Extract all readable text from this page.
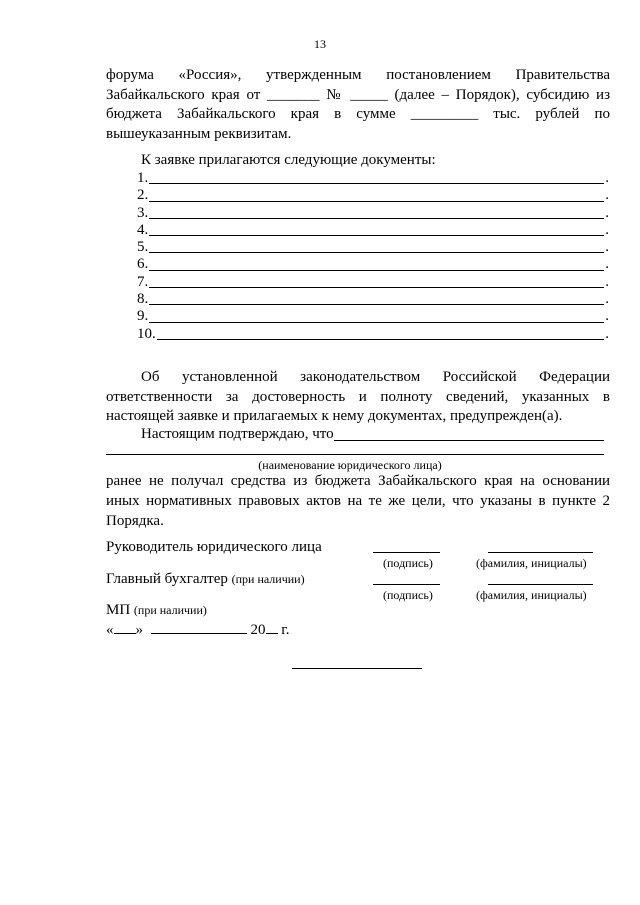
13
форума «Россия», утвержденным постановлением Правительства
Забайкальского края от _______ № _____ (далее – Порядок), субсидию из
бюджета Забайкальского края в сумме _________ тыс. рублей по
вышеуказанным реквизитам.
К заявке прилагаются следующие документы:
1.	.
2.	.
3.	.
4.	.
5.	.
6.	.
7.	.
8.	.
9.	.
10.	.
Об установленной законодательством Российской Федерации
ответственности за достоверность и полноту сведений, указанных в
настоящей заявке и прилагаемых к нему документах, предупрежден(а).
Настоящим подтверждаю, что
(наименование юридического лица)
ранее не получал средства из бюджета Забайкальского края на основании
иных нормативных правовых актов на те же цели, что указаны в пункте 2
Порядка.
Руководитель юридического лица
(подпись)	(фамилия, инициалы)
Главный бухгалтер (при наличии)
(подпись)	(фамилия, инициалы)
МП (при наличии)
« »	20 г.
